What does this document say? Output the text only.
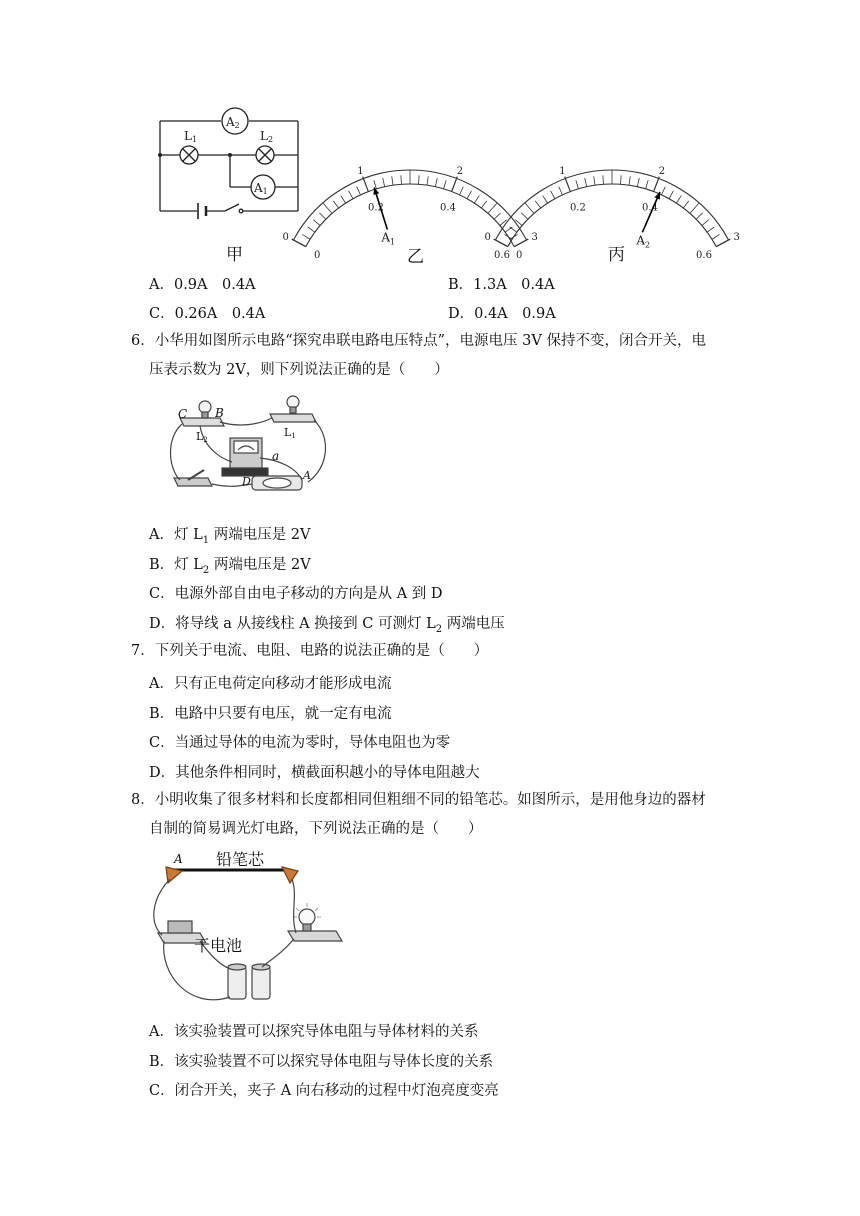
A2
A1
L1	L2
0
1	2
3
0
0.2	0.4
0.6
$A_1$	0
1	2
3
0
0.2	0.4
0.6
$A_2$
甲	乙	丙
A．0.9A　0.4A	B．1.3A　0.4A
C．0.26A　0.4A	D．0.4A　0.9A
6．小华用如图所示电路“探究串联电路电压特点”，电源电压 3V 保持不变，闭合开关，电
压表示数为 2V，则下列说法正确的是（　　）
C B
L2
L1
a
D	A
A．灯 $L_1$ 两端电压是 2V
B．灯 $L_2$ 两端电压是 2V
C．电源外部自由电子移动的方向是从 A 到 D
D．将导线 a 从接线柱 A 换接到 C 可测灯 $L_2$ 两端电压
7．下列关于电流、电阻、电路的说法正确的是（　　）
A．只有正电荷定向移动才能形成电流
B．电路中只要有电压，就一定有电流
C．当通过导体的电流为零时，导体电阻也为零
D．其他条件相同时，横截面积越小的导体电阻越大
8．小明收集了很多材料和长度都相同但粗细不同的铅笔芯。如图所示，是用他身边的器材
自制的简易调光灯电路，下列说法正确的是（　　）
A 铅笔芯
干电池
A．该实验装置可以探究导体电阻与导体材料的关系
B．该实验装置不可以探究导体电阻与导体长度的关系
C．闭合开关，夹子 A 向右移动的过程中灯泡亮度变亮
